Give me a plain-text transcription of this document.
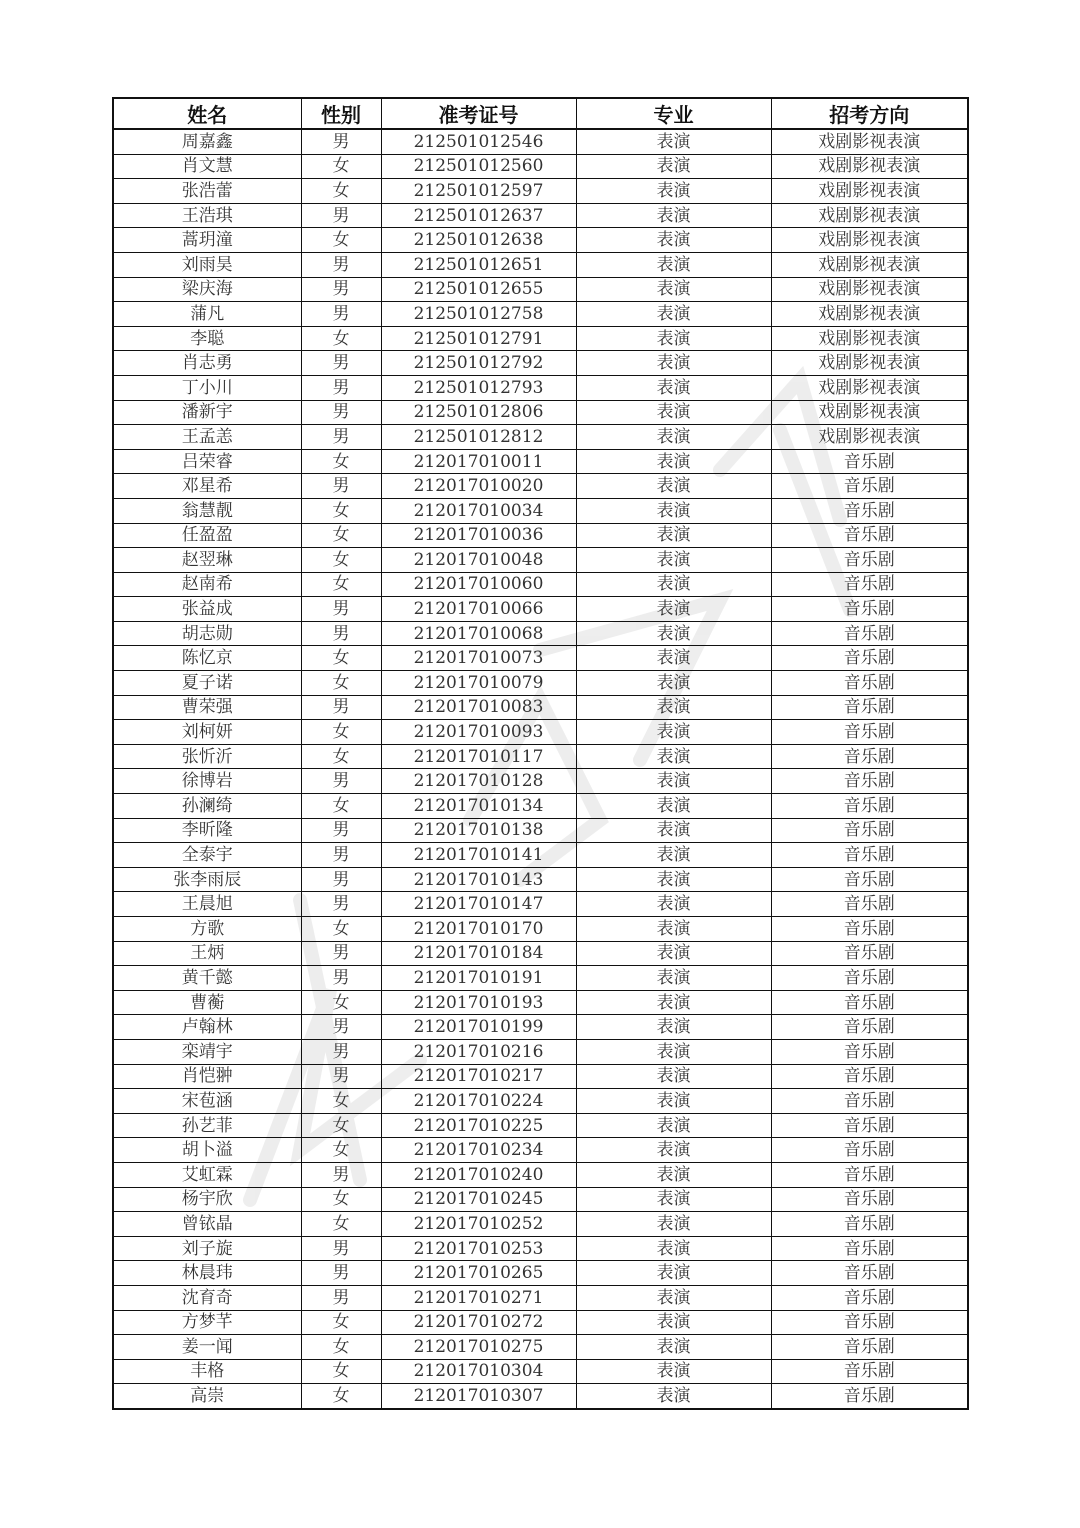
姓名	性别	准考证号	专业	招考方向
周嘉鑫	男	212501012546	表演	戏剧影视表演
肖文慧	女	212501012560	表演	戏剧影视表演
张浩蕾	女	212501012597	表演	戏剧影视表演
王浩琪	男	212501012637	表演	戏剧影视表演
蒿玥潼	女	212501012638	表演	戏剧影视表演
刘雨昊	男	212501012651	表演	戏剧影视表演
梁庆海	男	212501012655	表演	戏剧影视表演
蒲凡	男	212501012758	表演	戏剧影视表演
李聪	女	212501012791	表演	戏剧影视表演
肖志勇	男	212501012792	表演	戏剧影视表演
丁小川	男	212501012793	表演	戏剧影视表演
潘新宇	男	212501012806	表演	戏剧影视表演
王孟恙	男	212501012812	表演	戏剧影视表演
吕荣睿	女	212017010011	表演	音乐剧
邓星希	男	212017010020	表演	音乐剧
翁慧靓	女	212017010034	表演	音乐剧
任盈盈	女	212017010036	表演	音乐剧
赵翌琳	女	212017010048	表演	音乐剧
赵南希	女	212017010060	表演	音乐剧
张益成	男	212017010066	表演	音乐剧
胡志勋	男	212017010068	表演	音乐剧
陈忆京	女	212017010073	表演	音乐剧
夏子诺	女	212017010079	表演	音乐剧
曹荣强	男	212017010083	表演	音乐剧
刘柯妍	女	212017010093	表演	音乐剧
张忻沂	女	212017010117	表演	音乐剧
徐博岩	男	212017010128	表演	音乐剧
孙澜绮	女	212017010134	表演	音乐剧
李昕隆	男	212017010138	表演	音乐剧
全泰宇	男	212017010141	表演	音乐剧
张李雨辰	男	212017010143	表演	音乐剧
王晨旭	男	212017010147	表演	音乐剧
方歌	女	212017010170	表演	音乐剧
王炳	男	212017010184	表演	音乐剧
黄千懿	男	212017010191	表演	音乐剧
曹蘅	女	212017010193	表演	音乐剧
卢翰林	男	212017010199	表演	音乐剧
栾靖宇	男	212017010216	表演	音乐剧
肖恺翀	男	212017010217	表演	音乐剧
宋苞涵	女	212017010224	表演	音乐剧
孙艺菲	女	212017010225	表演	音乐剧
胡卜溢	女	212017010234	表演	音乐剧
艾虹霖	男	212017010240	表演	音乐剧
杨宇欣	女	212017010245	表演	音乐剧
曾铱晶	女	212017010252	表演	音乐剧
刘子旋	男	212017010253	表演	音乐剧
林晨玮	男	212017010265	表演	音乐剧
沈育奇	男	212017010271	表演	音乐剧
方梦芊	女	212017010272	表演	音乐剧
姜一闻	女	212017010275	表演	音乐剧
丰格	女	212017010304	表演	音乐剧
高崇	女	212017010307	表演	音乐剧
